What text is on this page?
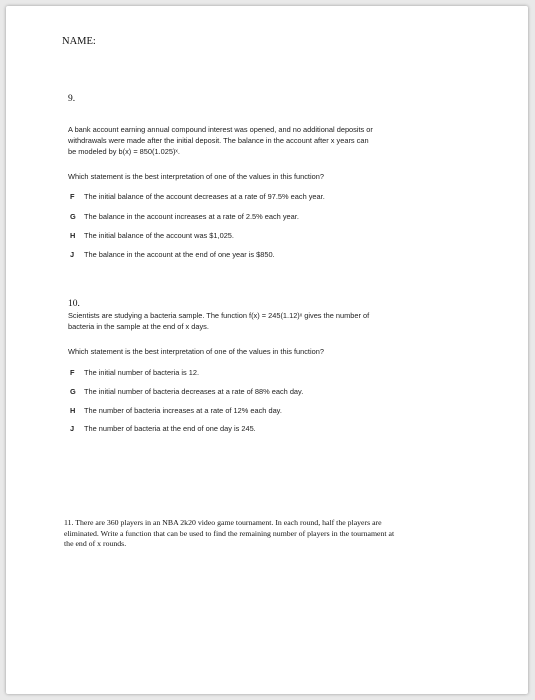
NAME:
9.
A bank account earning annual compound interest was opened, and no additional deposits or
withdrawals were made after the initial deposit. The balance in the account after x years can
be modeled by b(x) = 850(1.025)ˣ.
Which statement is the best interpretation of one of the values in this function?
F	The initial balance of the account decreases at a rate of 97.5% each year.
G	The balance in the account increases at a rate of 2.5% each year.
H	The initial balance of the account was $1,025.
J	The balance in the account at the end of one year is $850.
10.
Scientists are studying a bacteria sample. The function f(x) = 245(1.12)ˣ gives the number of
bacteria in the sample at the end of x days.
Which statement is the best interpretation of one of the values in this function?
F	The initial number of bacteria is 12.
G	The initial number of bacteria decreases at a rate of 88% each day.
H	The number of bacteria increases at a rate of 12% each day.
J	The number of bacteria at the end of one day is 245.
11. There are 360 players in an NBA 2k20 video game tournament. In each round, half the players are
eliminated. Write a function that can be used to find the remaining number of players in the tournament at
the end of x rounds.
